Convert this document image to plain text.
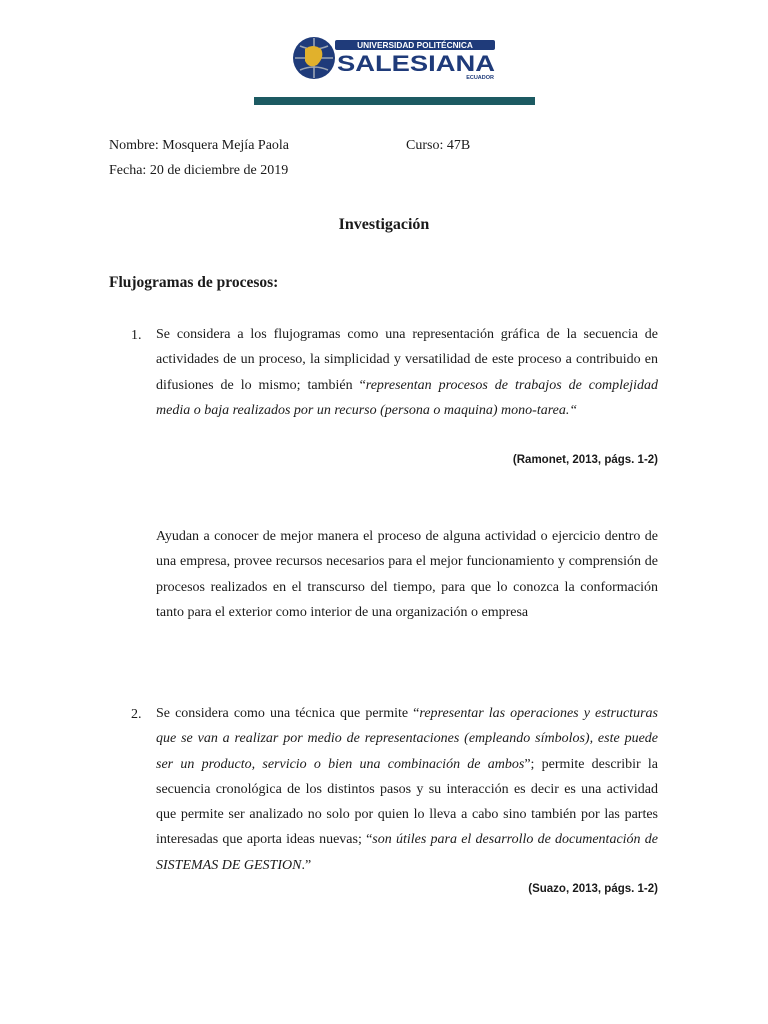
UNIVERSIDAD POLITÉCNICA
SALESIANA
ECUADOR
Nombre: Mosquera Mejía Paola	Curso: 47B
Fecha: 20 de diciembre de 2019
Investigación
Flujogramas de procesos:
1. Se considera a los flujogramas como una representación gráfica de la secuencia de actividades de un proceso, la simplicidad y versatilidad de este proceso a contribuido en difusiones de lo mismo; también “representan procesos de trabajos de complejidad media o baja realizados por un recurso (persona o maquina) mono-tarea.“
(Ramonet, 2013, págs. 1-2)
Ayudan a conocer de mejor manera el proceso de alguna actividad o ejercicio dentro de una empresa, provee recursos necesarios para el mejor funcionamiento y comprensión de procesos realizados en el transcurso del tiempo, para que lo conozca la conformación tanto para el exterior como interior de una organización o empresa
2. Se considera como una técnica que permite “representar las operaciones y estructuras que se van a realizar por medio de representaciones (empleando símbolos), este puede ser un producto, servicio o bien una combinación de ambos”; permite describir la secuencia cronológica de los distintos pasos y su interacción es decir es una actividad que permite ser analizado no solo por quien lo lleva a cabo sino también por las partes interesadas que aporta ideas nuevas; “son útiles para el desarrollo de documentación de SISTEMAS DE GESTION.”
(Suazo, 2013, págs. 1-2)
